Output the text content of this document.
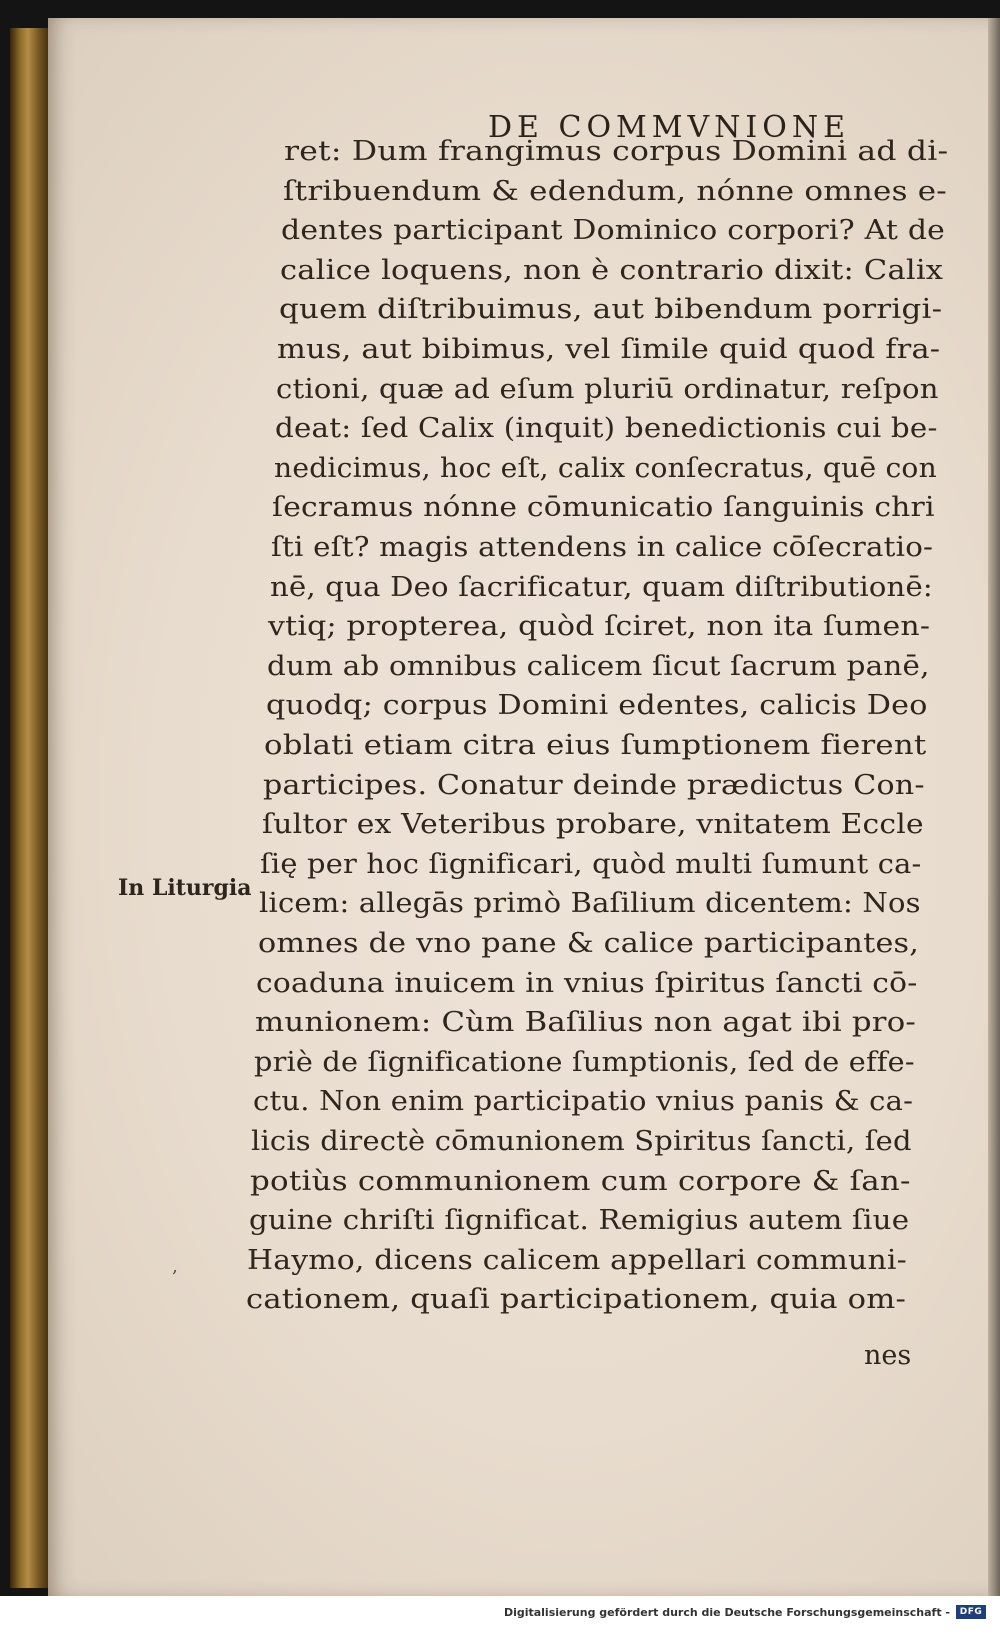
DE COMMVNIONE
In Liturgia
ret: Dum frangimus corpus Domini ad di-
ſtribuendum & edendum, nónne omnes e-
dentes participant Dominico corpori? At de
calice loquens, non è contrario dixit: Calix
quem diſtribuimus, aut bibendum porrigi-
mus, aut bibimus, vel ſimile quid quod fra-
ctioni, quæ ad eſum pluriū ordinatur, reſpon
deat: ſed Calix (inquit) benedictionis cui be-
nedicimus, hoc eſt, calix conſecratus, quē con
ſecramus nónne cōmunicatio ſanguinis chri
ſti eſt? magis attendens in calice cōſecratio-
nē, qua Deo ſacrificatur, quam diſtributionē:
vtiq; propterea, quòd ſciret, non ita ſumen-
dum ab omnibus calicem ſicut ſacrum panē,
quodq; corpus Domini edentes, calicis Deo
oblati etiam citra eius ſumptionem fierent
participes. Conatur deinde prædictus Con-
ſultor ex Veteribus probare, vnitatem Eccle
ſię per hoc ſignificari, quòd multi ſumunt ca-
licem: allegās primò Baſilium dicentem: Nos
omnes de vno pane & calice participantes,
coaduna inuicem in vnius ſpiritus ſancti cō-
munionem: Cùm Baſilius non agat ibi pro-
priè de ſignificatione ſumptionis, ſed de effe-
ctu. Non enim participatio vnius panis & ca-
licis directè cōmunionem Spiritus ſancti, ſed
potiùs communionem cum corpore & ſan-
guine chriſti ſignificat. Remigius autem ſiue
Haymo, dicens calicem appellari communi-
cationem, quaſi participationem, quia om-
‚
nes
Digitalisierung gefördert durch die Deutsche Forschungsgemeinschaft -	DFG
